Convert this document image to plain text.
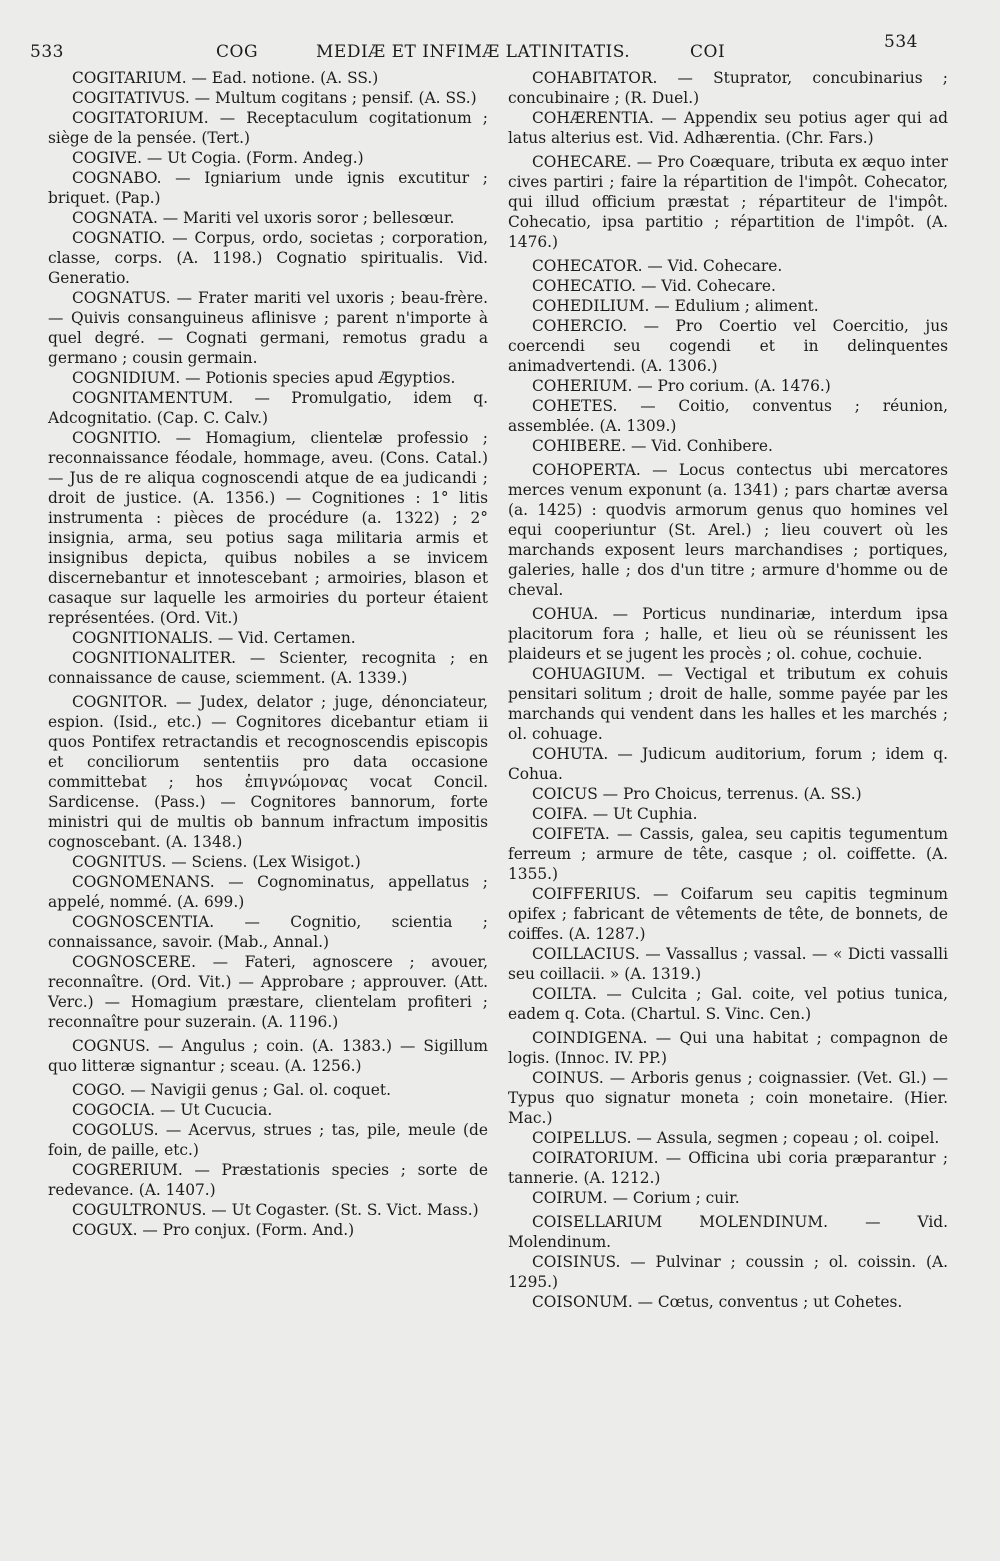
533	COG	MEDIÆ ET INFIMÆ LATINITATIS.	COI	534

COGITARIUM. — Ead. notione. (A. SS.)

COGITATIVUS. — Multum cogitans ; pensif. (A. SS.)

COGITATORIUM. — Receptaculum cogitationum ; siège de la pensée. (Tert.)

COGIVE. — Ut Cogia. (Form. Andeg.)

COGNABO. — Igniarium unde ignis excutitur ; briquet. (Pap.)

COGNATA. — Mariti vel uxoris soror ; bellesœur.

COGNATIO. — Corpus, ordo, societas ; corporation, classe, corps. (A. 1198.) Cognatio spiritualis. Vid. Generatio.

COGNATUS. — Frater mariti vel uxoris ; beau-frère. — Quivis consanguineus aflinisve ; parent n'importe à quel degré. — Cognati germani, remotus gradu a germano ; cousin germain.

COGNIDIUM. — Potionis species apud Ægyptios.

COGNITAMENTUM. — Promulgatio, idem q. Adcognitatio. (Cap. C. Calv.)

COGNITIO. — Homagium, clientelæ professio ; reconnaissance féodale, hommage, aveu. (Cons. Catal.) — Jus de re aliqua cognoscendi atque de ea judicandi ; droit de justice. (A. 1356.) — Cognitiones : 1° litis instrumenta : pièces de procédure (a. 1322) ; 2° insignia, arma, seu potius saga militaria armis et insignibus depicta, quibus nobiles a se invicem discernebantur et innotescebant ; armoiries, blason et casaque sur laquelle les armoiries du porteur étaient représentées. (Ord. Vit.)

COGNITIONALIS. — Vid. Certamen.

COGNITIONALITER. — Scienter, recognita ; en connaissance de cause, sciemment. (A. 1339.)

COGNITOR. — Judex, delator ; juge, dénonciateur, espion. (Isid., etc.) — Cognitores dicebantur etiam ii quos Pontifex retractandis et recognoscendis episcopis et conciliorum sententiis pro data occasione committebat ; hos ἐπιγνώμονας vocat Concil. Sardicense. (Pass.) — Cognitores bannorum, forte ministri qui de multis ob bannum infractum impositis cognoscebant. (A. 1348.)

COGNITUS. — Sciens. (Lex Wisigot.)

COGNOMENANS. — Cognominatus, appellatus ; appelé, nommé. (A. 699.)

COGNOSCENTIA. — Cognitio, scientia ; connaissance, savoir. (Mab., Annal.)

COGNOSCERE. — Fateri, agnoscere ; avouer, reconnaître. (Ord. Vit.) — Approbare ; approuver. (Att. Verc.) — Homagium præstare, clientelam profiteri ; reconnaître pour suzerain. (A. 1196.)

COGNUS. — Angulus ; coin. (A. 1383.) — Sigillum quo litteræ signantur ; sceau. (A. 1256.)

COGO. — Navigii genus ; Gal. ol. coquet.

COGOCIA. — Ut Cucucia.

COGOLUS. — Acervus, strues ; tas, pile, meule (de foin, de paille, etc.)

COGRERIUM. — Præstationis species ; sorte de redevance. (A. 1407.)

COGULTRONUS. — Ut Cogaster. (St. S. Vict. Mass.)

COGUX. — Pro conjux. (Form. And.)

COHABITATOR. — Stuprator, concubinarius ; concubinaire ; (R. Duel.)

COHÆRENTIA. — Appendix seu potius ager qui ad latus alterius est. Vid. Adhærentia. (Chr. Fars.)

COHECARE. — Pro Coæquare, tributa ex æquo inter cives partiri ; faire la répartition de l'impôt. Cohecator, qui illud officium præstat ; répartiteur de l'impôt. Cohecatio, ipsa partitio ; répartition de l'impôt. (A. 1476.)

COHECATOR. — Vid. Cohecare.

COHECATIO. — Vid. Cohecare.

COHEDILIUM. — Edulium ; aliment.

COHERCIO. — Pro Coertio vel Coercitio, jus coercendi seu cogendi et in delinquentes animadvertendi. (A. 1306.)

COHERIUM. — Pro corium. (A. 1476.)

COHETES. — Coitio, conventus ; réunion, assemblée. (A. 1309.)

COHIBERE. — Vid. Conhibere.

COHOPERTA. — Locus contectus ubi mercatores merces venum exponunt (a. 1341) ; pars chartæ aversa (a. 1425) : quodvis armorum genus quo homines vel equi cooperiuntur (St. Arel.) ; lieu couvert où les marchands exposent leurs marchandises ; portiques, galeries, halle ; dos d'un titre ; armure d'homme ou de cheval.

COHUA. — Porticus nundinariæ, interdum ipsa placitorum fora ; halle, et lieu où se réunissent les plaideurs et se jugent les procès ; ol. cohue, cochuie.

COHUAGIUM. — Vectigal et tributum ex cohuis pensitari solitum ; droit de halle, somme payée par les marchands qui vendent dans les halles et les marchés ; ol. cohuage.

COHUTA. — Judicum auditorium, forum ; idem q. Cohua.

COICUS — Pro Choicus, terrenus. (A. SS.)

COIFA. — Ut Cuphia.

COIFETA. — Cassis, galea, seu capitis tegumentum ferreum ; armure de tête, casque ; ol. coiffette. (A. 1355.)

COIFFERIUS. — Coifarum seu capitis tegminum opifex ; fabricant de vêtements de tête, de bonnets, de coiffes. (A. 1287.)

COILLACIUS. — Vassallus ; vassal. — « Dicti vassalli seu coillacii. » (A. 1319.)

COILTA. — Culcita ; Gal. coite, vel potius tunica, eadem q. Cota. (Chartul. S. Vinc. Cen.)

COINDIGENA. — Qui una habitat ; compagnon de logis. (Innoc. IV. PP.)

COINUS. — Arboris genus ; coignassier. (Vet. Gl.) — Typus quo signatur moneta ; coin monetaire. (Hier. Mac.)

COIPELLUS. — Assula, segmen ; copeau ; ol. coipel.

COIRATORIUM. — Officina ubi coria præparantur ; tannerie. (A. 1212.)

COIRUM. — Corium ; cuir.

COISELLARIUM MOLENDINUM. — Vid. Molendinum.

COISINUS. — Pulvinar ; coussin ; ol. coissin. (A. 1295.)

COISONUM. — Cœtus, conventus ; ut Cohetes.
